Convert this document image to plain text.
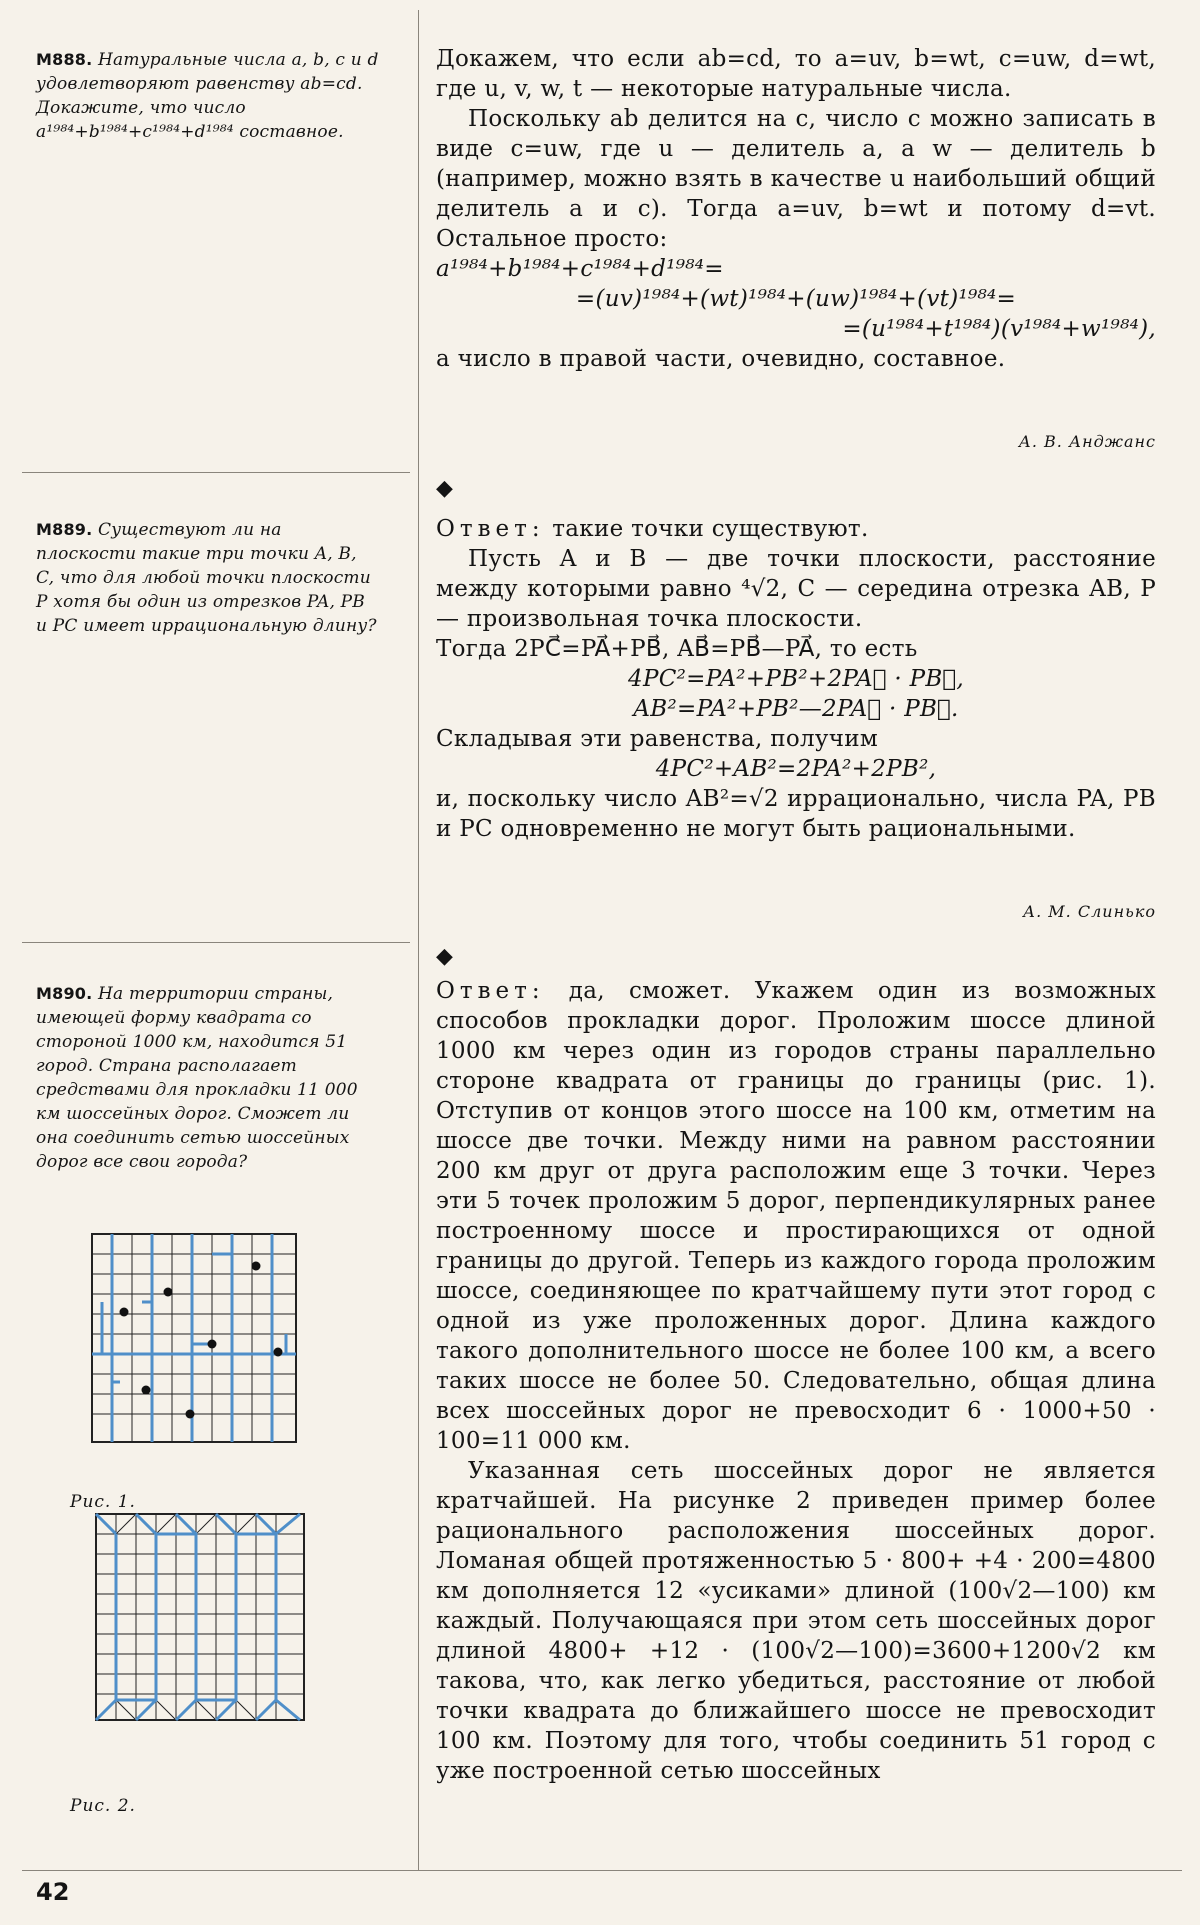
M888. Натуральные числа a, b, c и d удовлетворяют равенству ab=cd. Докажите, что число a¹⁹⁸⁴+b¹⁹⁸⁴+c¹⁹⁸⁴+d¹⁹⁸⁴ составное.
M889. Существуют ли на плоскости такие три точки A, B, C, что для любой точки плоскости P хотя бы один из отрезков PA, PB и PC имеет иррациональную длину?
M890. На территории страны, имеющей форму квадрата со стороной 1000 км, находится 51 город. Страна располагает средствами для прокладки 11 000 км шоссейных дорог. Сможет ли она соединить сетью шоссейных дорог все свои города?
Рис. 1.
Рис. 2.

Докажем, что если ab=cd, то a=uv, b=wt, c=uw, d=wt, где u, v, w, t — некоторые натуральные числа.

Поскольку ab делится на c, число c можно записать в виде c=uw, где u — делитель a, а w — делитель b (например, можно взять в качестве u наибольший общий делитель a и c). Тогда a=uv, b=wt и потому d=vt. Остальное просто:

a¹⁹⁸⁴+b¹⁹⁸⁴+c¹⁹⁸⁴+d¹⁹⁸⁴=

=(uv)¹⁹⁸⁴+(wt)¹⁹⁸⁴+(uw)¹⁹⁸⁴+(vt)¹⁹⁸⁴=

=(u¹⁹⁸⁴+t¹⁹⁸⁴)(v¹⁹⁸⁴+w¹⁹⁸⁴),

а число в правой части, очевидно, составное.

А. В. Анджанс
◆

Ответ: такие точки существуют.

Пусть A и B — две точки плоскости, расстояние между которыми равно ⁴√2, C — середина отрезка AB, P — произвольная точка плоскости.

Тогда 2PC⃗=PA⃗+PB⃗, AB⃗=PB⃗—PA⃗, то есть

4PC²=PA²+PB²+2PA⃗ · PB⃗,

AB²=PA²+PB²—2PA⃗ · PB⃗.

Складывая эти равенства, получим

4PC²+AB²=2PA²+2PB²,

и, поскольку число AB²=√2 иррационально, числа PA, PB и PC одновременно не могут быть рациональными.

А. М. Слинько
◆

Ответ: да, сможет. Укажем один из возможных способов прокладки дорог. Проложим шоссе длиной 1000 км через один из городов страны параллельно стороне квадрата от границы до границы (рис. 1). Отступив от концов этого шоссе на 100 км, отметим на шоссе две точки. Между ними на равном расстоянии 200 км друг от друга расположим еще 3 точки. Через эти 5 точек проложим 5 дорог, перпендикулярных ранее построенному шоссе и простирающихся от одной границы до другой. Теперь из каждого города проложим шоссе, соединяющее по кратчайшему пути этот город с одной из уже проложенных дорог. Длина каждого такого дополнительного шоссе не более 100 км, а всего таких шоссе не более 50. Следовательно, общая длина всех шоссейных дорог не превосходит 6 · 1000+50 · 100=11 000 км.

Указанная сеть шоссейных дорог не является кратчайшей. На рисунке 2 приведен пример более рационального расположения шоссейных дорог. Ломаная общей протяженностью 5 · 800+ +4 · 200=4800 км дополняется 12 «усиками» длиной (100√2—100) км каждый. Получающаяся при этом сеть шоссейных дорог длиной 4800+ +12 · (100√2—100)=3600+1200√2 км такова, что, как легко убедиться, расстояние от любой точки квадрата до ближайшего шоссе не превосходит 100 км. Поэтому для того, чтобы соединить 51 город с уже построенной сетью шоссейных

42
